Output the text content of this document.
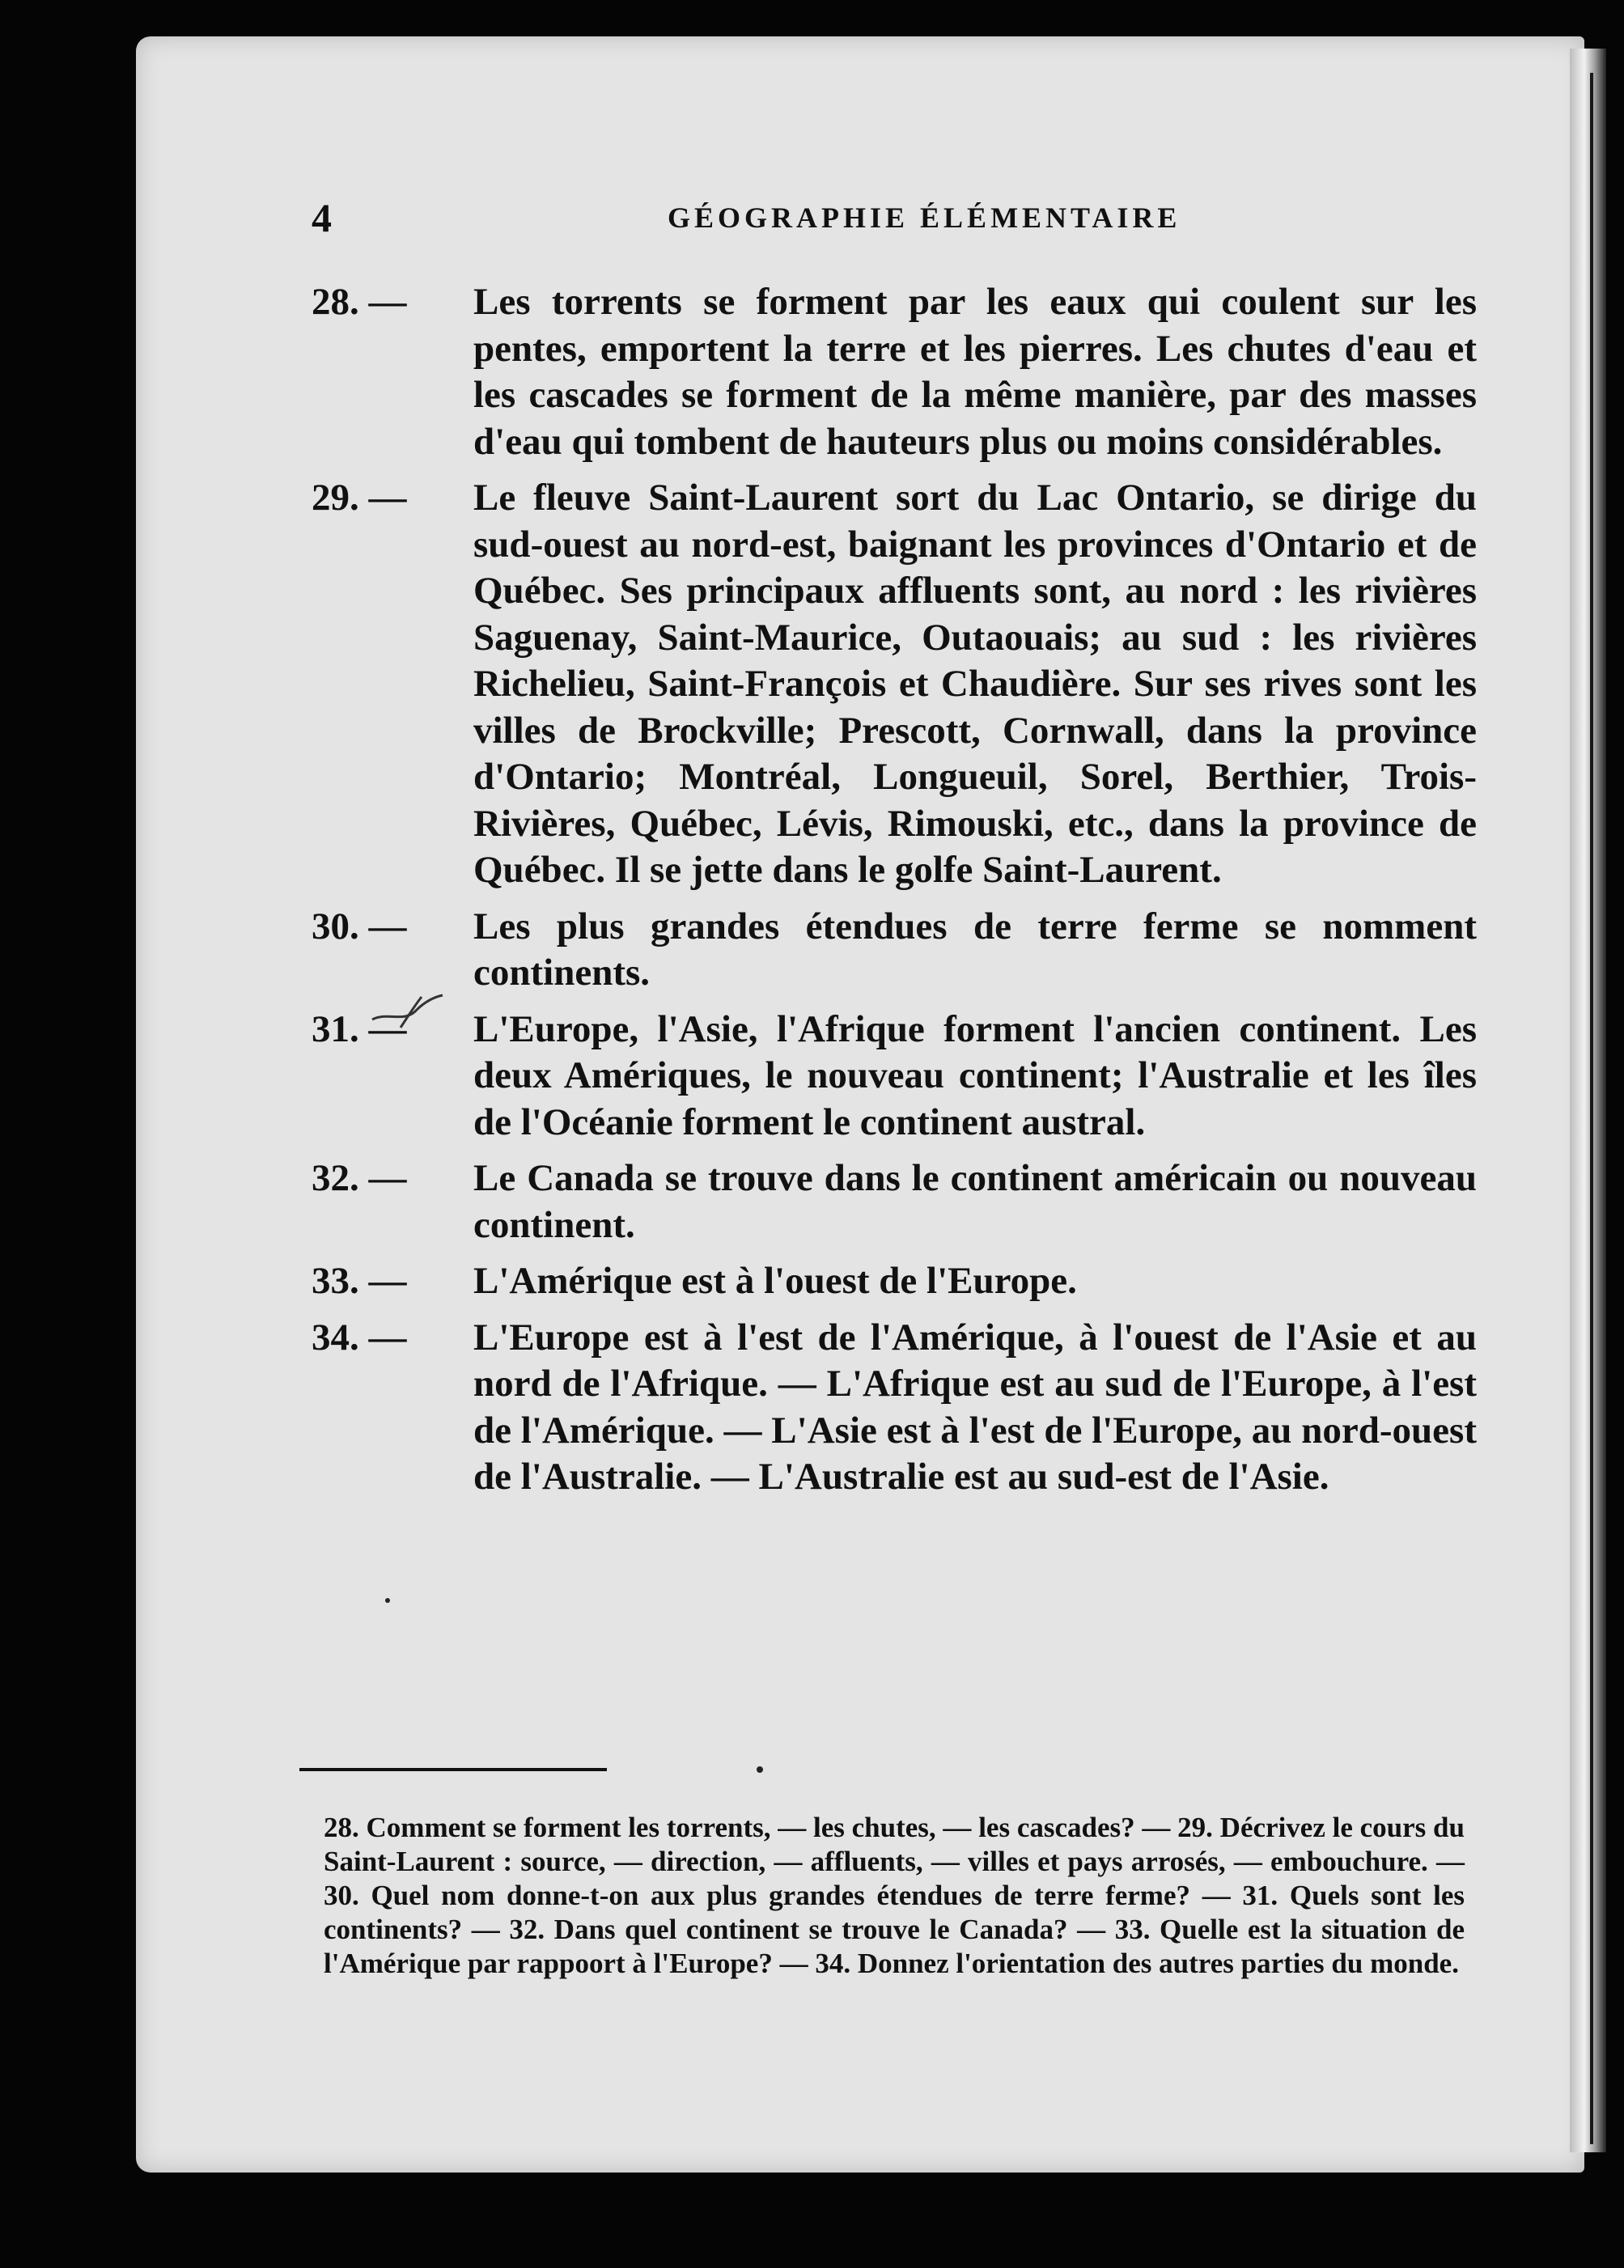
4	GÉOGRAPHIE ÉLÉMENTAIRE

28. —	Les torrents se forment par les eaux qui coulent sur les pentes, emportent la terre et les pierres. Les chutes d'eau et les cascades se forment de la même manière, par des masses d'eau qui tombent de hauteurs plus ou moins considérables.

29. —	Le fleuve Saint-Laurent sort du Lac Ontario, se dirige du sud-ouest au nord-est, baignant les provinces d'Ontario et de Québec. Ses principaux affluents sont, au nord : les rivières Saguenay, Saint-Maurice, Outaouais; au sud : les rivières Richelieu, Saint-François et Chaudière. Sur ses rives sont les villes de Brockville; Prescott, Cornwall, dans la province d'Ontario; Montréal, Longueuil, Sorel, Berthier, Trois-Rivières, Québec, Lévis, Rimouski, etc., dans la province de Québec. Il se jette dans le golfe Saint-Laurent.

30. —	Les plus grandes étendues de terre ferme se nomment continents.

31. —	L'Europe, l'Asie, l'Afrique forment l'ancien continent. Les deux Amériques, le nouveau continent; l'Australie et les îles de l'Océanie forment le continent austral.

32. —	Le Canada se trouve dans le continent américain ou nouveau continent.

33. —	L'Amérique est à l'ouest de l'Europe.

34. —	L'Europe est à l'est de l'Amérique, à l'ouest de l'Asie et au nord de l'Afrique. — L'Afrique est au sud de l'Europe, à l'est de l'Amérique. — L'Asie est à l'est de l'Europe, au nord-ouest de l'Australie. — L'Australie est au sud-est de l'Asie.

28. Comment se forment les torrents, — les chutes, — les cascades? — 29. Décrivez le cours du Saint-Laurent : source, — direction, — affluents, — villes et pays arrosés, — embouchure. — 30. Quel nom donne-t-on aux plus grandes étendues de terre ferme? — 31. Quels sont les continents? — 32. Dans quel continent se trouve le Canada? — 33. Quelle est la situation de l'Amérique par rappoort à l'Europe? — 34. Donnez l'orientation des autres parties du monde.
